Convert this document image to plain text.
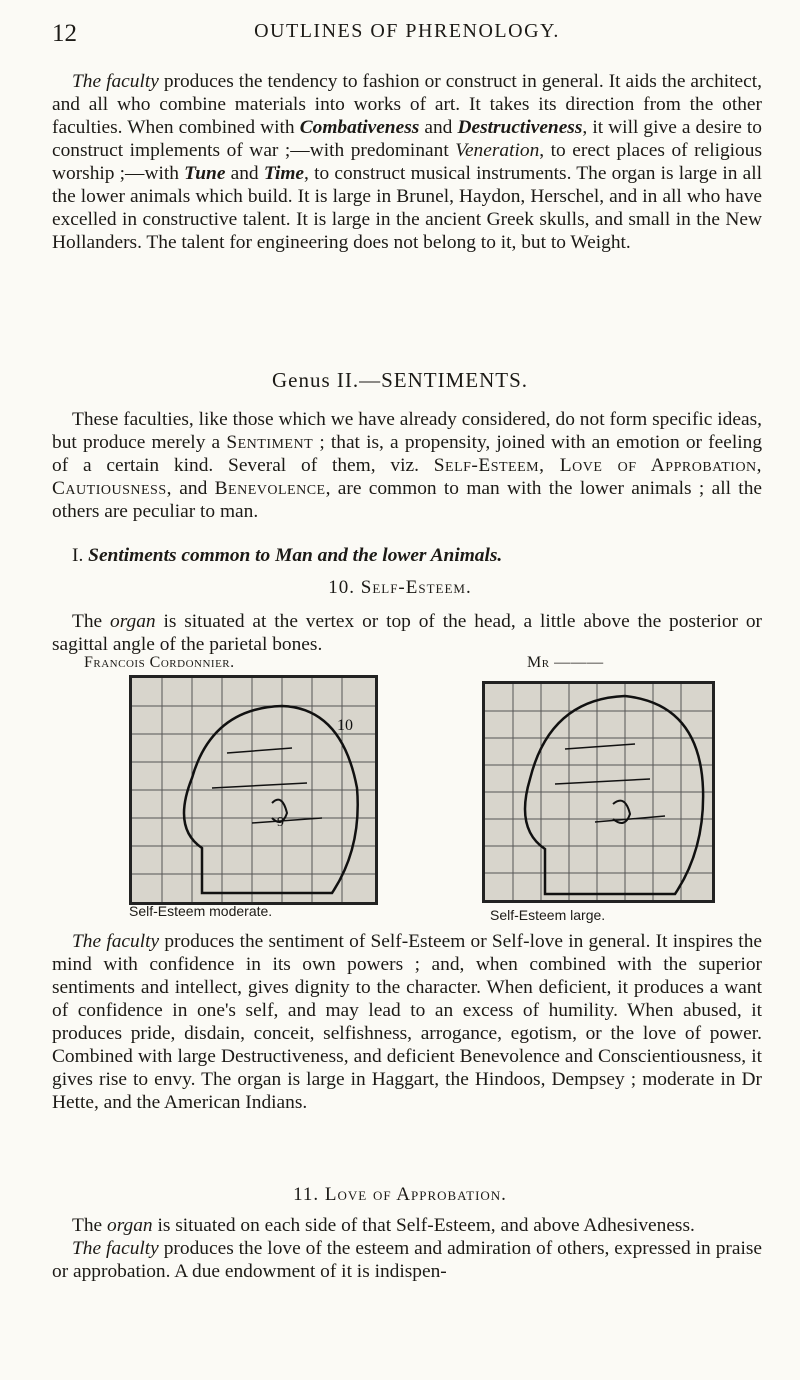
12	OUTLINES OF PHRENOLOGY.

The faculty produces the tendency to fashion or construct in general. It aids the architect, and all who combine materials into works of art. It takes its direction from the other faculties. When combined with Combativeness and Destructiveness, it will give a desire to construct implements of war ;—with predominant Veneration, to erect places of religious worship ;—with Tune and Time, to construct musical instruments. The organ is large in all the lower animals which build. It is large in Brunel, Haydon, Herschel, and in all who have excelled in constructive talent. It is large in the ancient Greek skulls, and small in the New Hollanders. The talent for engineering does not belong to it, but to Weight.

Genus II.—SENTIMENTS.

These faculties, like those which we have already considered, do not form specific ideas, but produce merely a Sentiment ; that is, a propensity, joined with an emotion or feeling of a certain kind. Several of them, viz. Self-Esteem, Love of Approbation, Cautiousness, and Benevolence, are common to man with the lower animals ; all the others are peculiar to man.

I. Sentiments common to Man and the lower Animals.
10. Self-Esteem.

The organ is situated at the vertex or top of the head, a little above the posterior or sagittal angle of the parietal bones.

Francois Cordonnier.	Mr ———
10
9
Self-Esteem moderate.	Self-Esteem large.

The faculty produces the sentiment of Self-Esteem or Self-love in general. It inspires the mind with confidence in its own powers ; and, when combined with the superior sentiments and intellect, gives dignity to the character. When deficient, it produces a want of confidence in one's self, and may lead to an excess of humility. When abused, it produces pride, disdain, conceit, selfishness, arrogance, egotism, or the love of power. Combined with large Destructiveness, and deficient Benevolence and Conscientiousness, it gives rise to envy. The organ is large in Haggart, the Hindoos, Dempsey ; moderate in Dr Hette, and the American Indians.

11. Love of Approbation.

The organ is situated on each side of that Self-Esteem, and above Adhesiveness.

The faculty produces the love of the esteem and admiration of others, expressed in praise or approbation. A due endowment of it is indispen-
